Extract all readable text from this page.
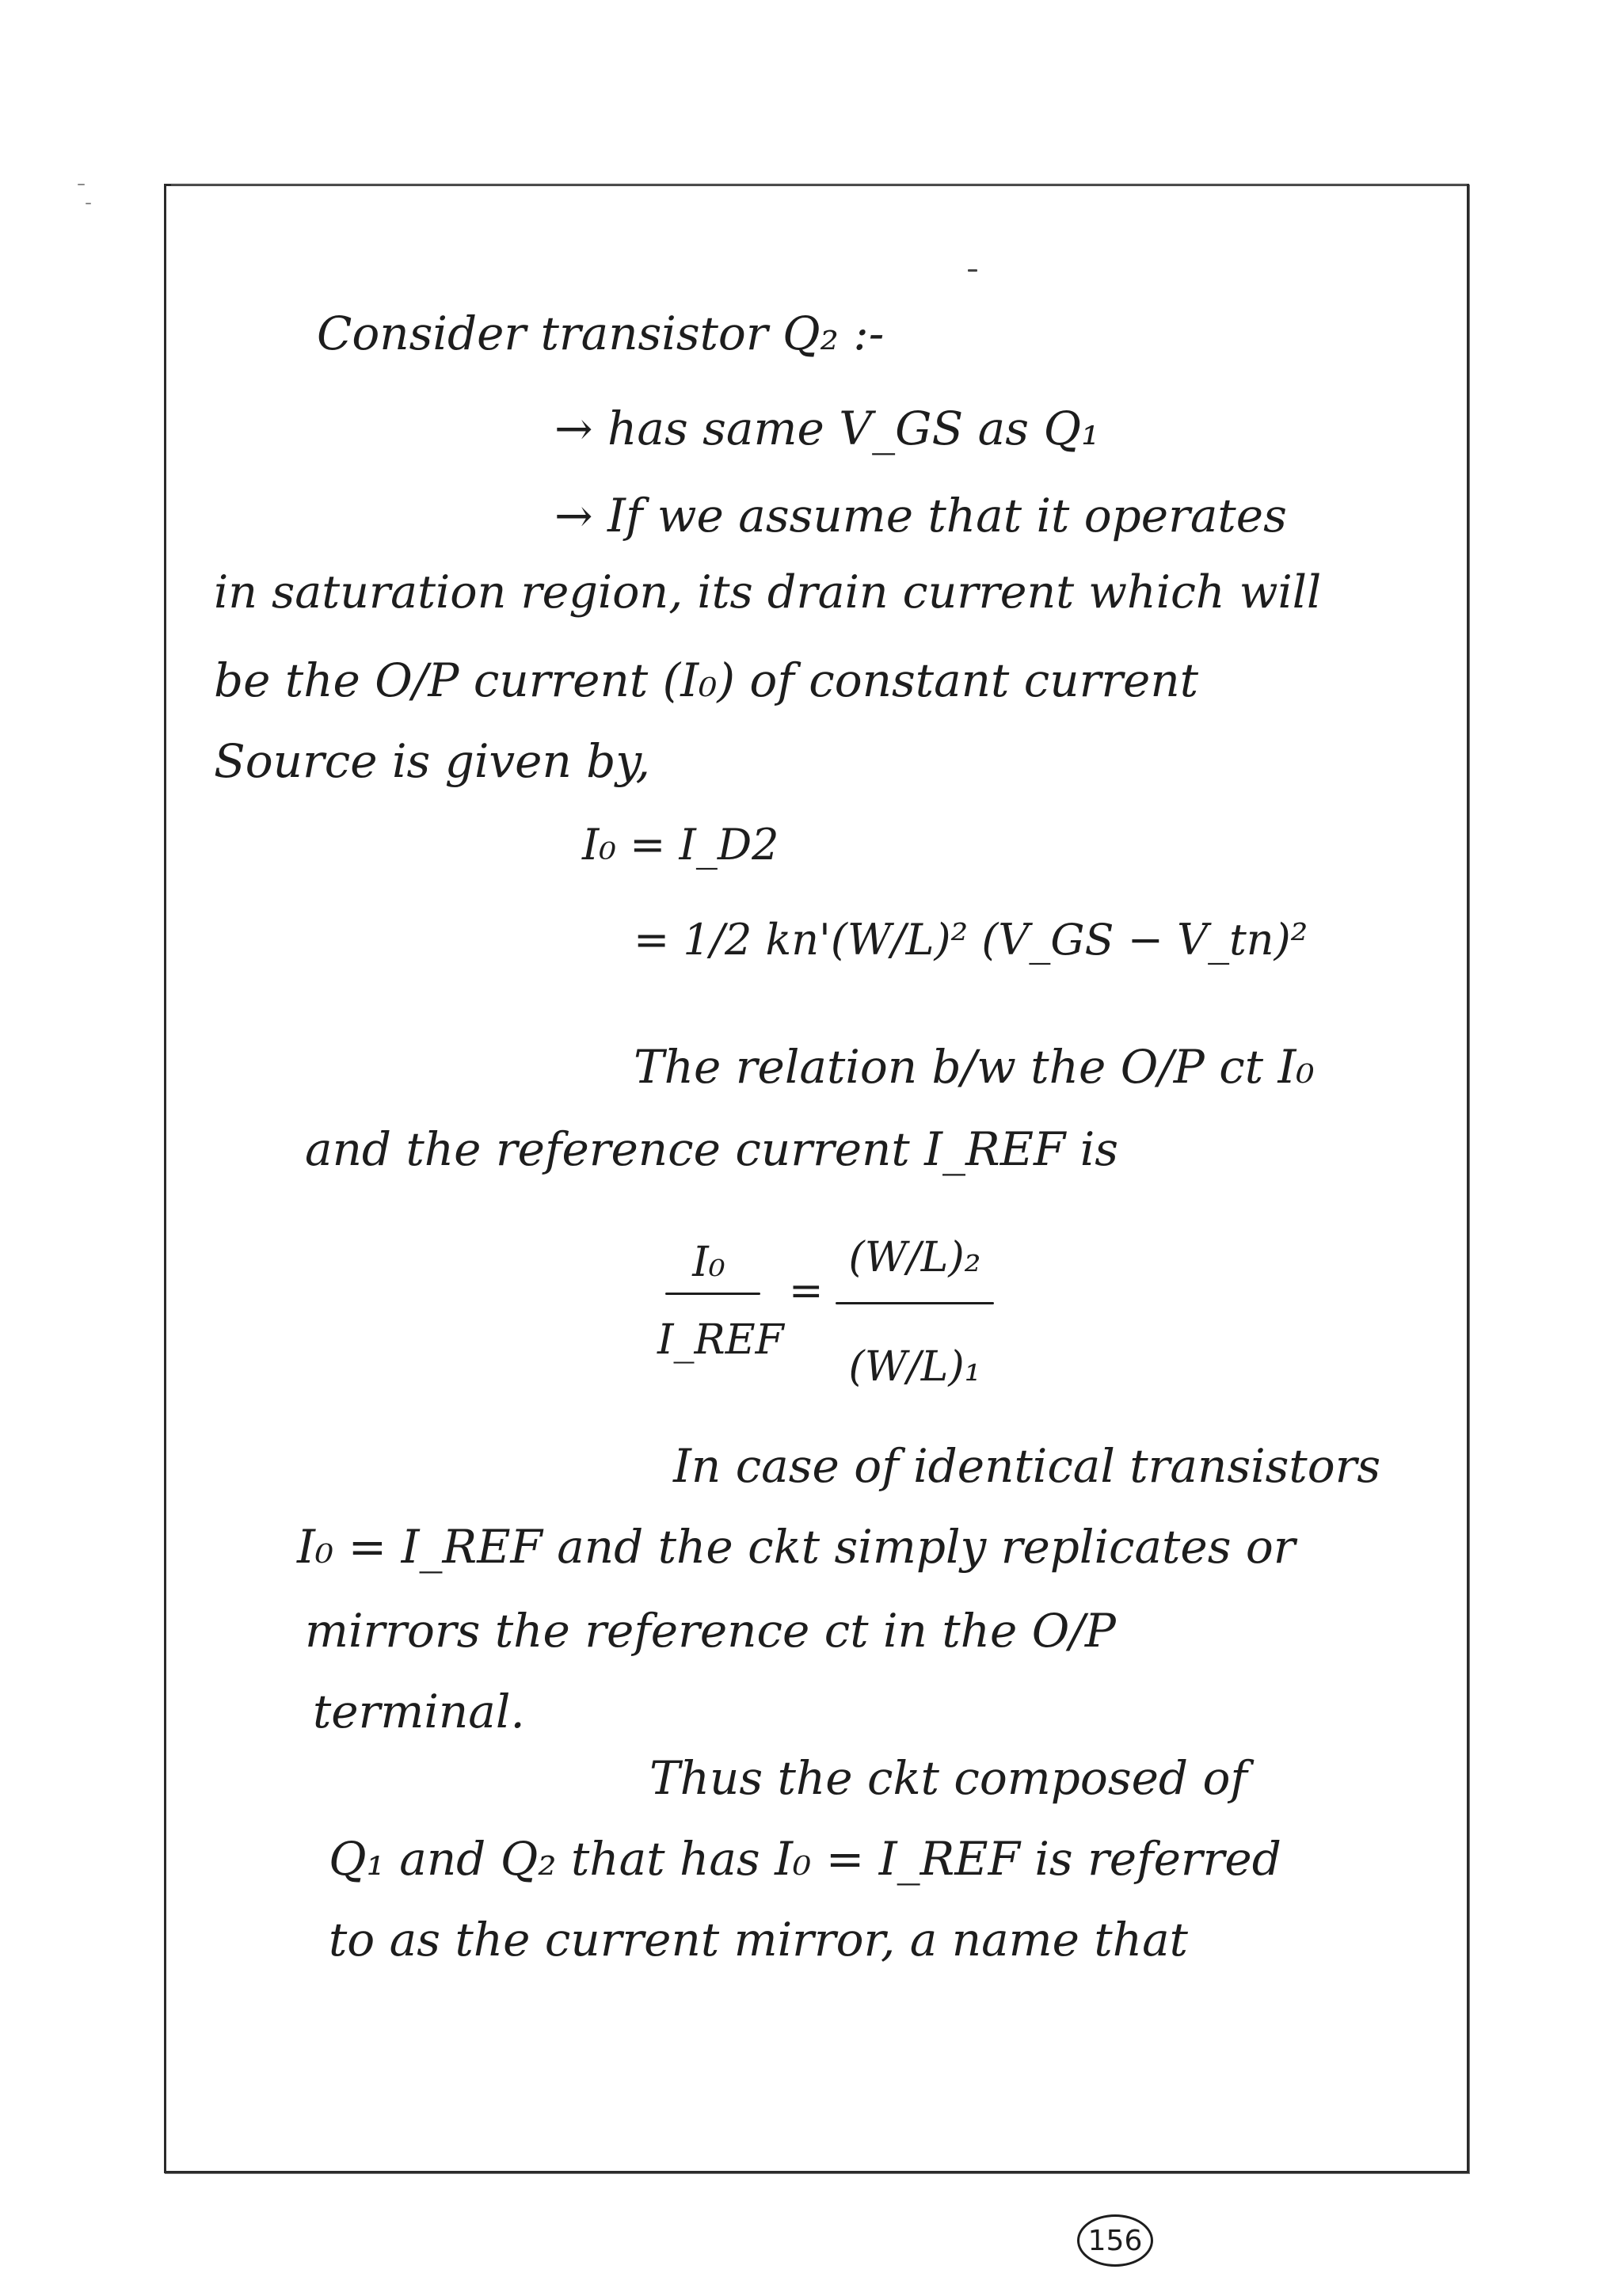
Consider transistor Q₂ :-
→ has same V_GS as Q₁
→ If we assume that it operates
in saturation region, its drain current which will
be the O/P current (I₀) of constant current
Source is given by,
I₀ = I_D2
= 1/2 kn'(W/L)² (V_GS − V_tn)²
The relation b/w the O/P ct I₀
and the reference current I_REF is
I₀
I_REF
=
(W/L)₂
(W/L)₁
In case of identical transistors
I₀ = I_REF and the ckt simply replicates or
mirrors the reference ct in the O/P
terminal.
Thus the ckt composed of
Q₁ and Q₂ that has I₀ = I_REF is referred
to as the current mirror, a name that
156
